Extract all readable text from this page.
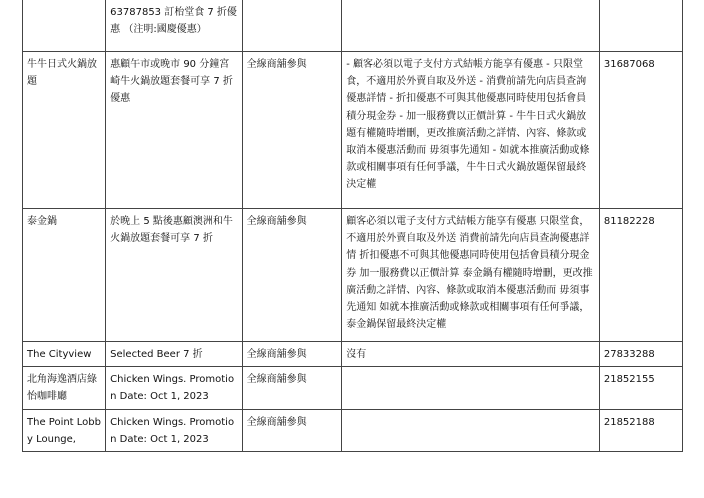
	63787853 訂枱堂食 7 折優惠 （注明:國慶優惠）			
牛牛日式火鍋放題	惠顧午市或晚市 90 分鐘宮崎牛火鍋放題套餐可享 7 折優惠	全線商舖參與	- 顧客必須以電子支付方式結帳方能享有優惠 - 只限堂食，不適用於外賣自取及外送 - 消費前請先向店員查詢優惠詳情 - 折扣優惠不可與其他優惠同時使用包括會員積分現金券 - 加一服務費以正價計算 - 牛牛日式火鍋放題有權隨時增刪，更改推廣活動之詳情、內容、條款或取消本優惠活動而 毋須事先通知 - 如就本推廣活動或條款或相關事項有任何爭議，牛牛日式火鍋放題保留最終決定權	31687068
泰金鍋	於晚上 5 點後惠顧澳洲和牛火鍋放題套餐可享 7 折	全線商舖參與	顧客必須以電子支付方式結帳方能享有優惠 只限堂食，不適用於外賣自取及外送 消費前請先向店員查詢優惠詳情 折扣優惠不可與其他優惠同時使用包括會員積分現金券 加一服務費以正價計算 泰金鍋有權隨時增刪，更改推廣活動之詳情、內容、條款或取消本優惠活動而 毋須事先通知 如就本推廣活動或條款或相關事項有任何爭議，泰金鍋保留最終決定權	81182228
The Cityview	Selected Beer 7 折	全線商舖參與	沒有	27833288
北角海逸酒店綠怡咖啡廳	Chicken Wings. Promotion Date: Oct 1, 2023	全線商舖參與		21852155
The Point Lobby Lounge,	Chicken Wings. Promotion Date: Oct 1, 2023	全線商舖參與		21852188
